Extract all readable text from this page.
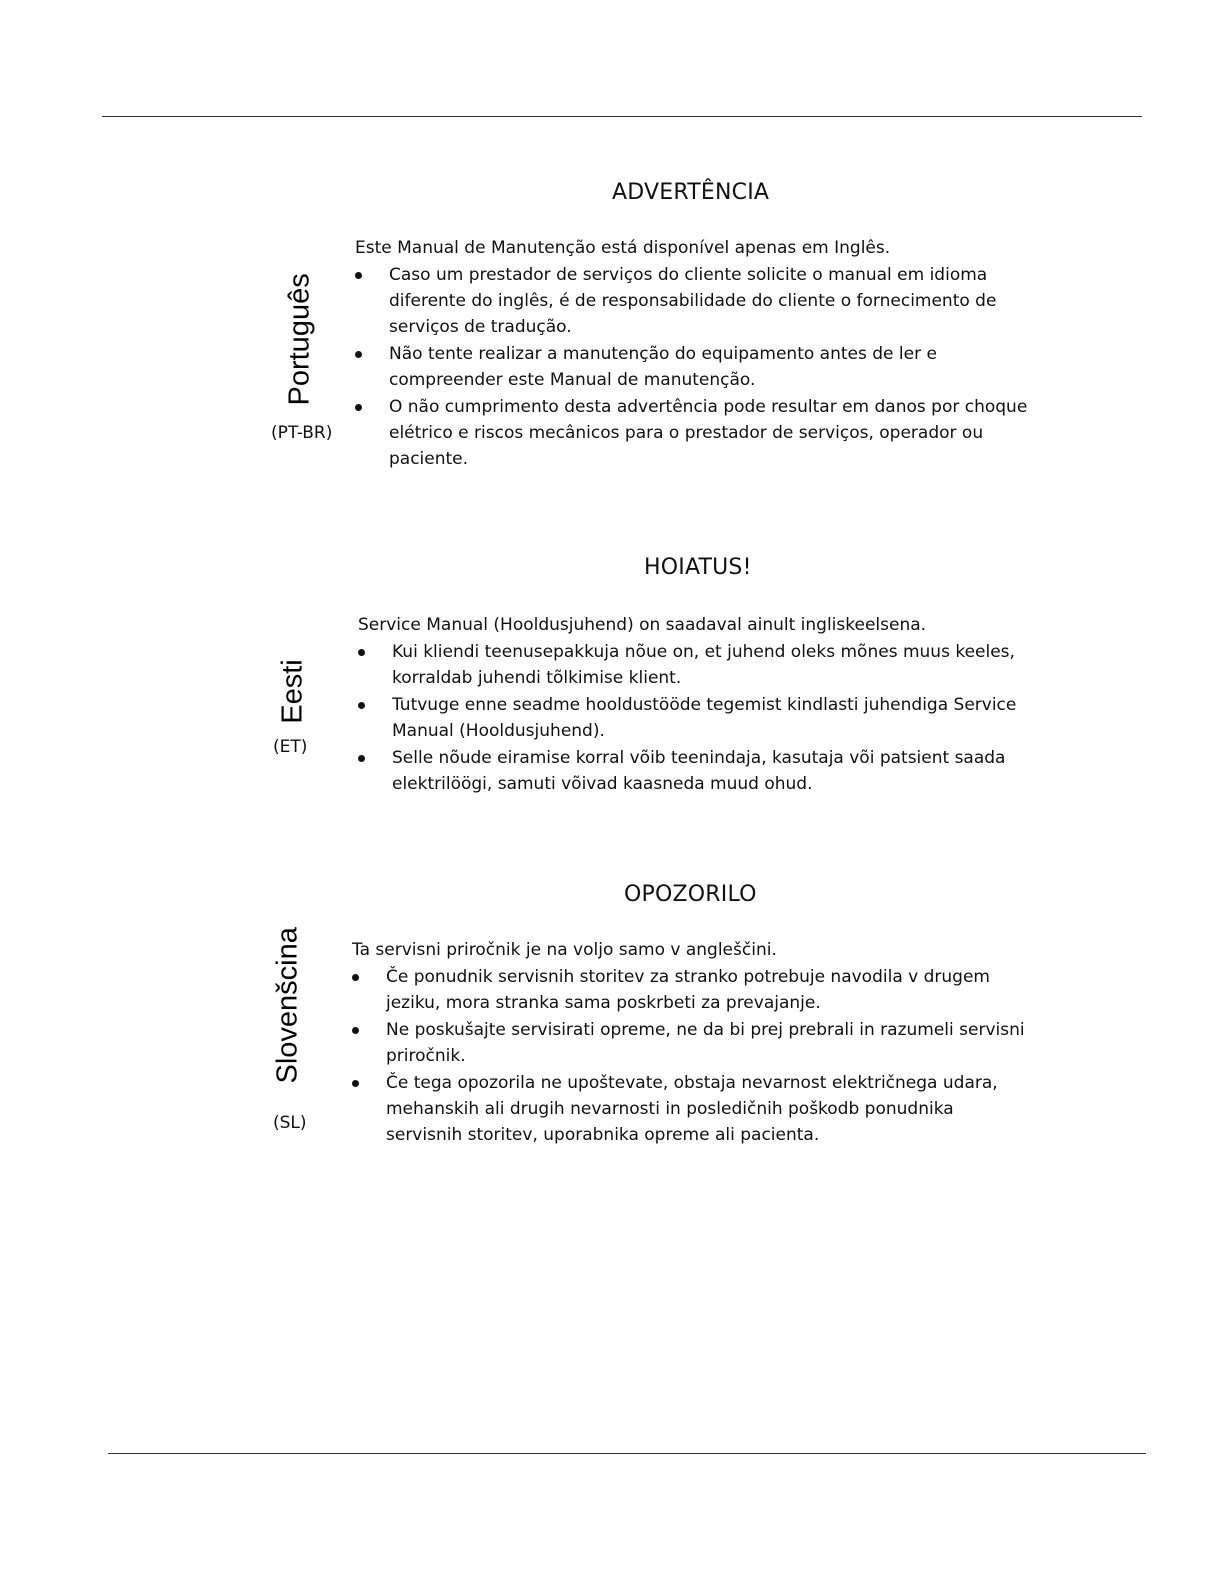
ADVERTÊNCIA
Português
(PT-BR)

Este Manual de Manutenção está disponível apenas em Inglês.

Caso um prestador de serviços do cliente solicite o manual em idioma
diferente do inglês, é de responsabilidade do cliente o fornecimento de
serviços de tradução.
Não tente realizar a manutenção do equipamento antes de ler e
compreender este Manual de manutenção.
O não cumprimento desta advertência pode resultar em danos por choque
elétrico e riscos mecânicos para o prestador de serviços, operador ou
paciente.
HOIATUS!
Eesti
(ET)

Service Manual (Hooldusjuhend) on saadaval ainult ingliskeelsena.

Kui kliendi teenusepakkuja nõue on, et juhend oleks mõnes muus keeles,
korraldab juhendi tõlkimise klient.
Tutvuge enne seadme hooldustööde tegemist kindlasti juhendiga Service
Manual (Hooldusjuhend).
Selle nõude eiramise korral võib teenindaja, kasutaja või patsient saada
elektrilöögi, samuti võivad kaasneda muud ohud.
OPOZORILO
Slovenšcina
(SL)

Ta servisni priročnik je na voljo samo v angleščini.

Če ponudnik servisnih storitev za stranko potrebuje navodila v drugem
jeziku, mora stranka sama poskrbeti za prevajanje.
Ne poskušajte servisirati opreme, ne da bi prej prebrali in razumeli servisni
priročnik.
Če tega opozorila ne upoštevate, obstaja nevarnost električnega udara,
mehanskih ali drugih nevarnosti in posledičnih poškodb ponudnika
servisnih storitev, uporabnika opreme ali pacienta.
